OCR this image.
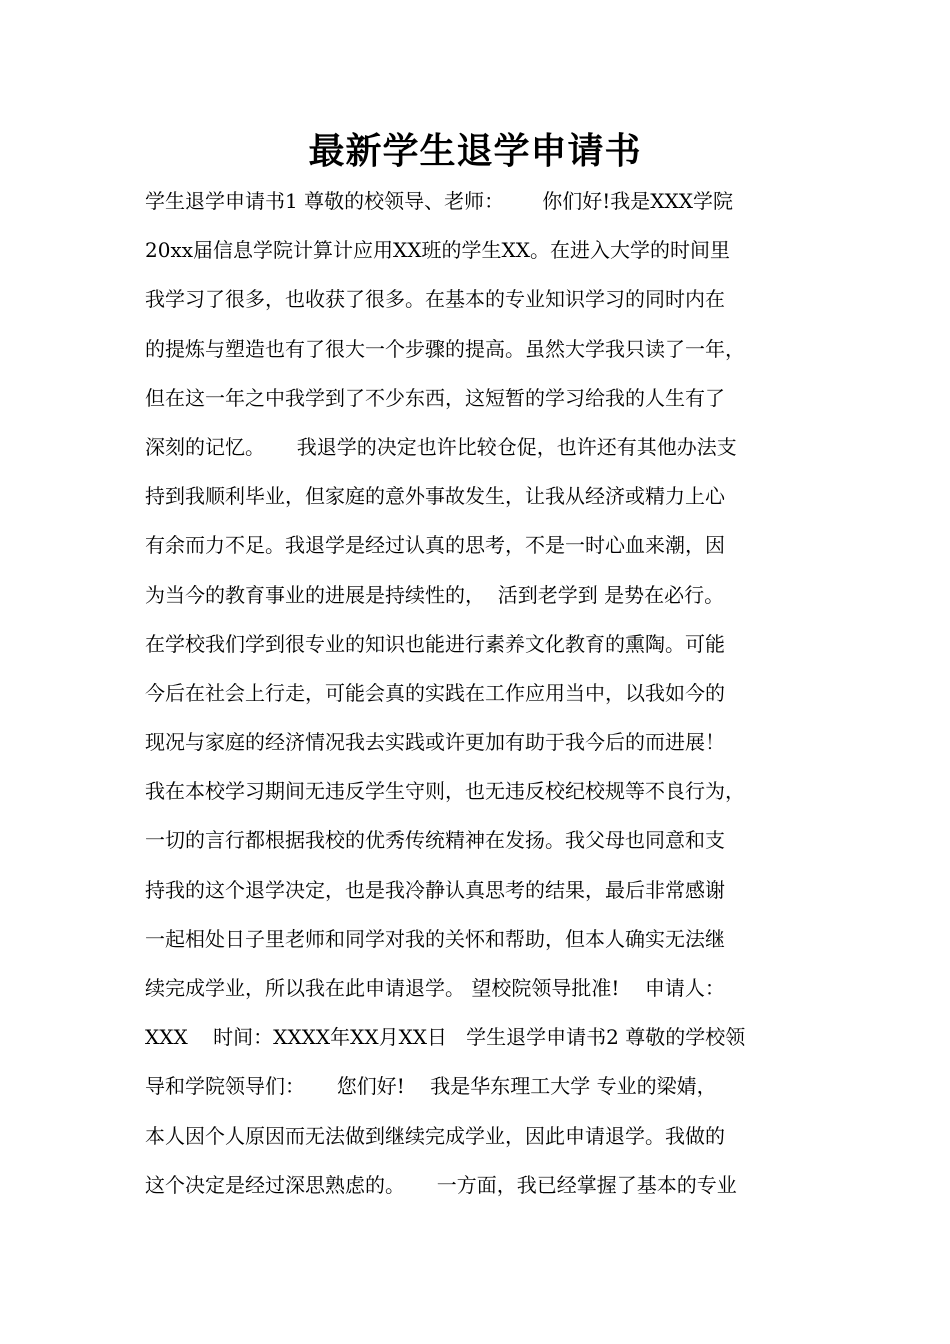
最新学生退学申请书
学生退学申请书1 尊敬的校领导、老师：      你们好!我是XXX学院
20xx届信息学院计算计应用XX班的学生XX。在进入大学的时间里
我学习了很多，也收获了很多。在基本的专业知识学习的同时内在
的提炼与塑造也有了很大一个步骤的提高。虽然大学我只读了一年，
但在这一年之中我学到了不少东西，这短暂的学习给我的人生有了
深刻的记忆。     我退学的决定也许比较仓促，也许还有其他办法支
持到我顺利毕业，但家庭的意外事故发生，让我从经济或精力上心
有余而力不足。我退学是经过认真的思考，不是一时心血来潮，因
为当今的教育事业的进展是持续性的，  活到老学到 是势在必行。
在学校我们学到很专业的知识也能进行素养文化教育的熏陶。可能
今后在社会上行走，可能会真的实践在工作应用当中，以我如今的
现况与家庭的经济情况我去实践或许更加有助于我今后的而进展！
我在本校学习期间无违反学生守则，也无违反校纪校规等不良行为，
一切的言行都根据我校的优秀传统精神在发扬。我父母也同意和支
持我的这个退学决定，也是我冷静认真思考的结果，最后非常感谢
一起相处日子里老师和同学对我的关怀和帮助，但本人确实无法继
续完成学业，所以我在此申请退学。 望校院领导批准!    申请人：
XXX    时间：XXXX年XX月XX日   学生退学申请书2 尊敬的学校领
导和学院领导们：     您们好!    我是华东理工大学 专业的梁婧，
本人因个人原因而无法做到继续完成学业，因此申请退学。我做的
这个决定是经过深思熟虑的。     一方面，我已经掌握了基本的专业
